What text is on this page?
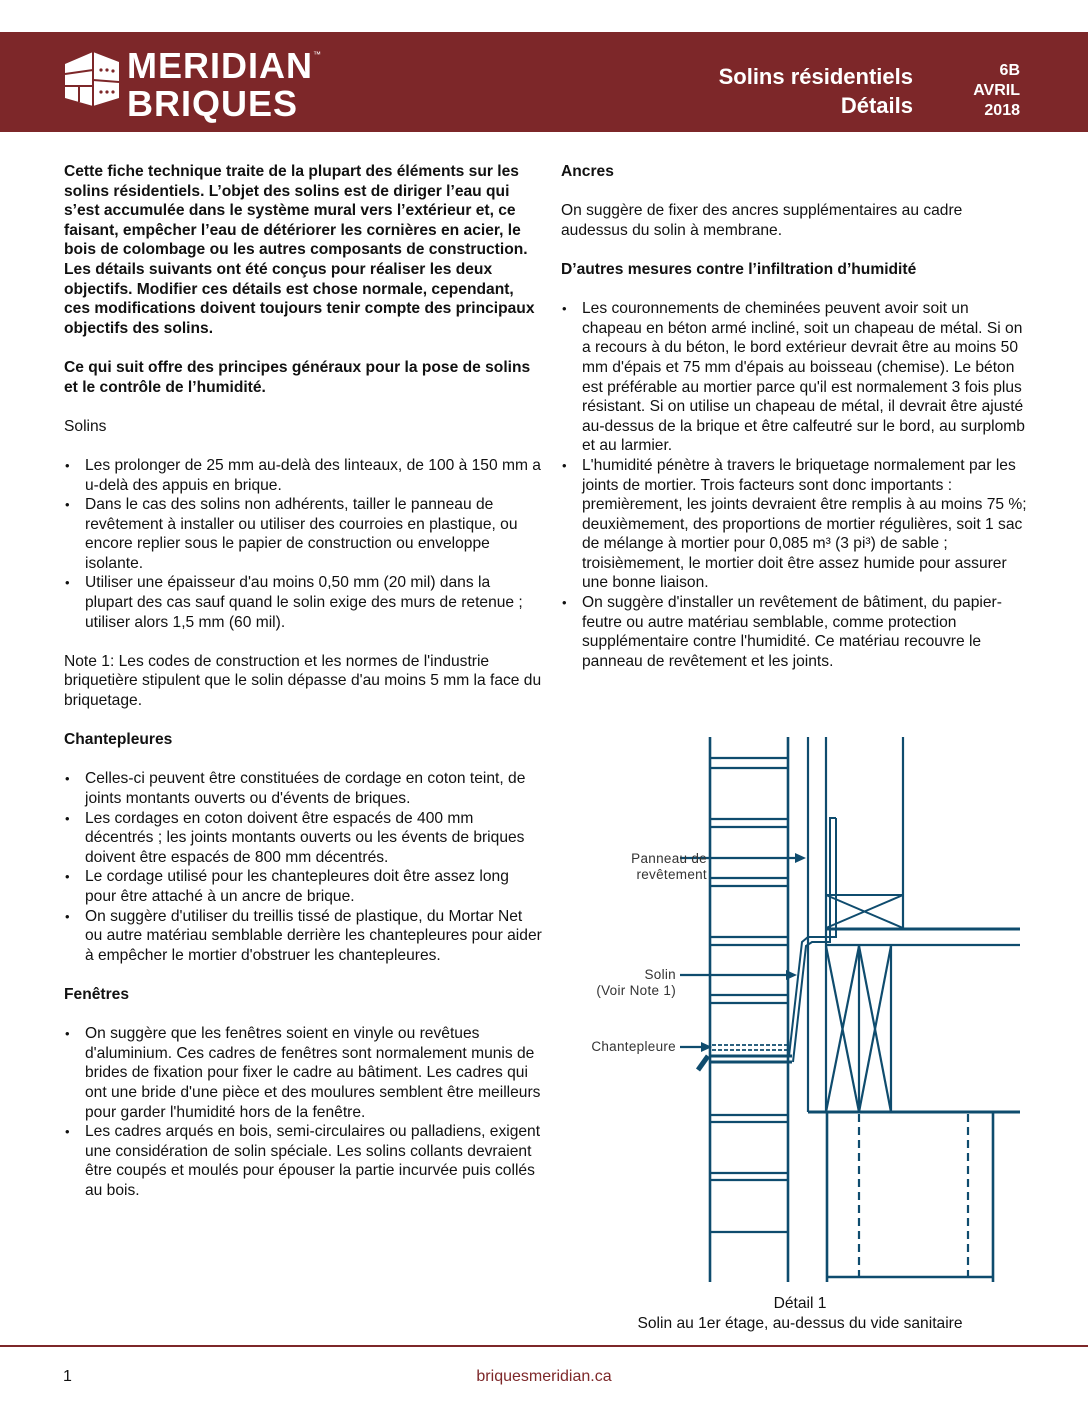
MERIDIAN ™
BRIQUES
Solins résidentiels
Détails
6B
AVRIL
2018

Cette fiche technique traite de la plupart des éléments sur les solins résidentiels. L’objet des solins est de diriger l’eau qui s’est accumulée dans le système mural vers l’extérieur et, ce faisant, empêcher l’eau de détériorer les cornières en acier, le bois de colombage ou les autres composants de construction. Les détails suivants ont été conçus pour réaliser les deux objectifs. Modifier ces détails est chose normale, cependant, ces modifications doivent toujours tenir compte des principaux objectifs des solins.

Ce qui suit offre des principes généraux pour la pose de solins et le contrôle de l’humidité.

Solins
• Les prolonger de 25 mm au-delà des linteaux, de 100 à 150 mm a u-delà des appuis en brique.
• Dans le cas des solins non adhérents, tailler le panneau de revêtement à installer ou utiliser des courroies en plastique, ou encore replier sous le papier de construction ou enveloppe isolante.
• Utiliser une épaisseur d'au moins 0,50 mm (20 mil) dans la plupart des cas sauf quand le solin exige des murs de retenue ; utiliser alors 1,5 mm (60 mil).

Note 1: Les codes de construction et les normes de l'industrie briquetière stipulent que le solin dépasse d'au moins 5 mm la face du briquetage.

Chantepleures
• Celles-ci peuvent être constituées de cordage en coton teint, de joints montants ouverts ou d'évents de briques.
• Les cordages en coton doivent être espacés de 400 mm décentrés ; les joints montants ouverts ou les évents de briques doivent être espacés de 800 mm décentrés.
• Le cordage utilisé pour les chantepleures doit être assez long pour être attaché à un ancre de brique.
• On suggère d'utiliser du treillis tissé de plastique, du Mortar Net ou autre matériau semblable derrière les chantepleures pour aider à empêcher le mortier d'obstruer les chantepleures.
Fenêtres
• On suggère que les fenêtres soient en vinyle ou revêtues d'aluminium. Ces cadres de fenêtres sont normalement munis de brides de fixation pour fixer le cadre au bâtiment. Les cadres qui ont une bride d'une pièce et des moulures semblent être meilleurs pour garder l'humidité hors de la fenêtre.
• Les cadres arqués en bois, semi-circulaires ou palladiens, exigent une considération de solin spéciale. Les solins collants devraient être coupés et moulés pour épouser la partie incurvée puis collés au bois.
Ancres

On suggère de fixer des ancres supplémentaires au cadre audessus du solin à membrane.

D’autres mesures contre l’infiltration d’humidité
• Les couronnements de cheminées peuvent avoir soit un chapeau en béton armé incliné, soit un chapeau de métal. Si on a recours à du béton, le bord extérieur devrait être au moins 50 mm d'épais et 75 mm d'épais au boisseau (chemise). Le béton est préférable au mortier parce qu'il est normalement 3 fois plus résistant. Si on utilise un chapeau de métal, il devrait être ajusté au-dessus de la brique et être calfeutré sur le bord, au surplomb et au larmier.
• L'humidité pénètre à travers le briquetage normalement par les joints de mortier. Trois facteurs sont donc importants : premièrement, les joints devraient être remplis à au moins 75 %; deuxièmement, des proportions de mortier régulières, soit 1 sac de mélange à mortier pour 0,085 m³ (3 pi³) de sable ; troisièmement, le mortier doit être assez humide pour assurer une bonne liaison.
• On suggère d'installer un revêtement de bâtiment, du papier-feutre ou autre matériau semblable, comme protection supplémentaire contre l'humidité. Ce matériau recouvre le panneau de revêtement et les joints.
Panneau de
revêtement
Solin
(Voir Note 1)
Chantepleure
Détail 1
Solin au 1er étage, au-dessus du vide sanitaire
1	briquesmeridian.ca
